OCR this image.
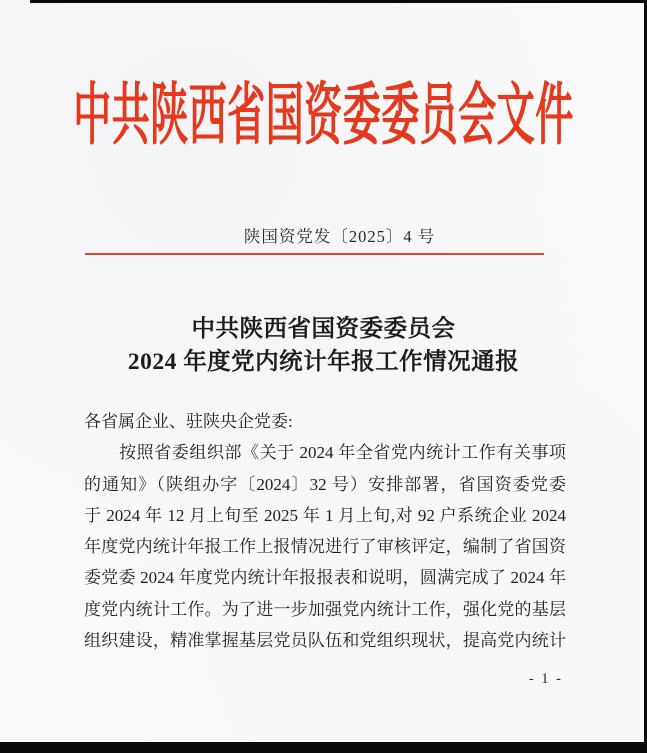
中共陕西省国资委委员会文件
陕国资党发〔2025〕4 号
中共陕西省国资委委员会
2024 年度党内统计年报工作情况通报
各省属企业、驻陕央企党委:
　　按照省委组织部《关于 2024 年全省党内统计工作有关事项
的通知》（陕组办字〔2024〕32 号）安排部署，省国资委党委
于 2024 年 12 月上旬至 2025 年 1 月上旬,对 92 户系统企业 2024
年度党内统计年报工作上报情况进行了审核评定，编制了省国资
委党委 2024 年度党内统计年报报表和说明，圆满完成了 2024 年
度党内统计工作。为了进一步加强党内统计工作，强化党的基层
组织建设，精准掌握基层党员队伍和党组织现状，提高党内统计
- 1 -
